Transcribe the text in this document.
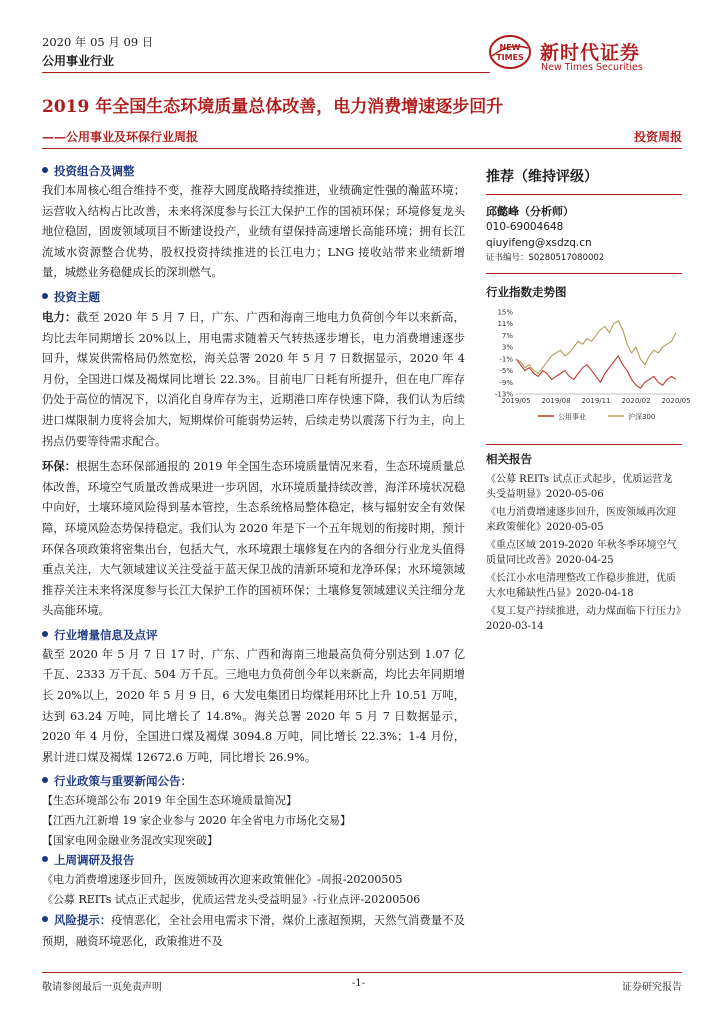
2020 年 05 月 09 日
公用事业行业
NEW
TIMES 新时代证券
New Times Securities
2019 年全国生态环境质量总体改善，电力消费增速逐步回升
——公用事业及环保行业周报	投资周报
投资组合及调整

我们本周核心组合维持不变，推荐大圆度战略持续推进，业绩确定性强的瀚蓝环境；运营收入结构占比改善，未来将深度参与长江大保护工作的国祯环保；环境修复龙头地位稳固，固废领域项目不断建设投产，业绩有望保持高速增长高能环境；拥有长江流域水资源整合优势，股权投资持续推进的长江电力；LNG 接收站带来业绩新增量，城燃业务稳健成长的深圳燃气。

投资主题

电力：截至 2020 年 5 月 7 日，广东、广西和海南三地电力负荷创今年以来新高，均比去年同期增长 20%以上，用电需求随着天气转热逐步增长，电力消费增速逐步回升，煤炭供需格局仍然宽松，海关总署 2020 年 5 月 7 日数据显示，2020 年 4 月份，全国进口煤及褐煤同比增长 22.3%。目前电厂日耗有所提升，但在电厂库存仍处于高位的情况下，以消化自身库存为主，近期港口库存快速下降，我们认为后续进口煤限制力度将会加大，短期煤价可能弱势运转，后续走势以震荡下行为主，向上拐点仍要等待需求配合。

环保：根据生态环保部通报的 2019 年全国生态环境质量情况来看，生态环境质量总体改善，环境空气质量改善成果进一步巩固，水环境质量持续改善，海洋环境状况稳中向好，土壤环境风险得到基本管控，生态系统格局整体稳定，核与辐射安全有效保障，环境风险态势保持稳定。我们认为 2020 年是下一个五年规划的衔接时期，预计环保各项政策将密集出台，包括大气，水环境跟土壤修复在内的各细分行业龙头值得重点关注，大气领域建议关注受益于蓝天保卫战的清新环境和龙净环保；水环境领域推荐关注未来将深度参与长江大保护工作的国祯环保；土壤修复领域建议关注细分龙头高能环境。

行业增量信息及点评

截至 2020 年 5 月 7 日 17 时，广东、广西和海南三地最高负荷分别达到 1.07 亿千瓦、2333 万千瓦、504 万千瓦。三地电力负荷创今年以来新高，均比去年同期增长 20%以上，2020 年 5 月 9 日，6 大发电集团日均煤耗用环比上升 10.51 万吨，达到 63.24 万吨，同比增长了 14.8%。海关总署 2020 年 5 月 7 日数据显示，2020 年 4 月份，全国进口煤及褐煤 3094.8 万吨，同比增长 22.3%；1-4 月份，累计进口煤及褐煤 12672.6 万吨，同比增长 26.9%。

行业政策与重要新闻公告：

【生态环境部公布 2019 年全国生态环境质量简况】

【江西九江新增 19 家企业参与 2020 年全省电力市场化交易】

【国家电网金融业务混改实现突破】

上周调研及报告

《电力消费增速逐步回升，医废领域再次迎来政策催化》-周报-20200505

《公募 REITs 试点正式起步，优质运营龙头受益明显》-行业点评-20200506

风险提示：疫情恶化，全社会用电需求下滑，煤价上涨超预期，天然气消费量不及预期，融资环境恶化，政策推进不及

推荐（维持评级）
邱懿峰（分析师）
010-69004648
qiuyifeng@xsdzq.cn
证书编号：S0280517080002
行业指数走势图
15%
11%
7%
3%
-1%
-5%
-9%
-13%
2019/05 2019/08 2019/11 2020/02 2020/05
公用事业	沪深300
相关报告
《公募 REITs 试点正式起步，优质运营龙头受益明显》2020-05-06
《电力消费增速逐步回升，医废领域再次迎来政策催化》2020-05-05
《重点区域 2019-2020 年秋冬季环境空气质量同比改善》2020-04-25
《长江小水电清理整改工作稳步推进，优质大水电稀缺性凸显》2020-04-18
《复工复产持续推进，动力煤面临下行压力》2020-03-14
敬请参阅最后一页免责声明	-1-	证券研究报告
